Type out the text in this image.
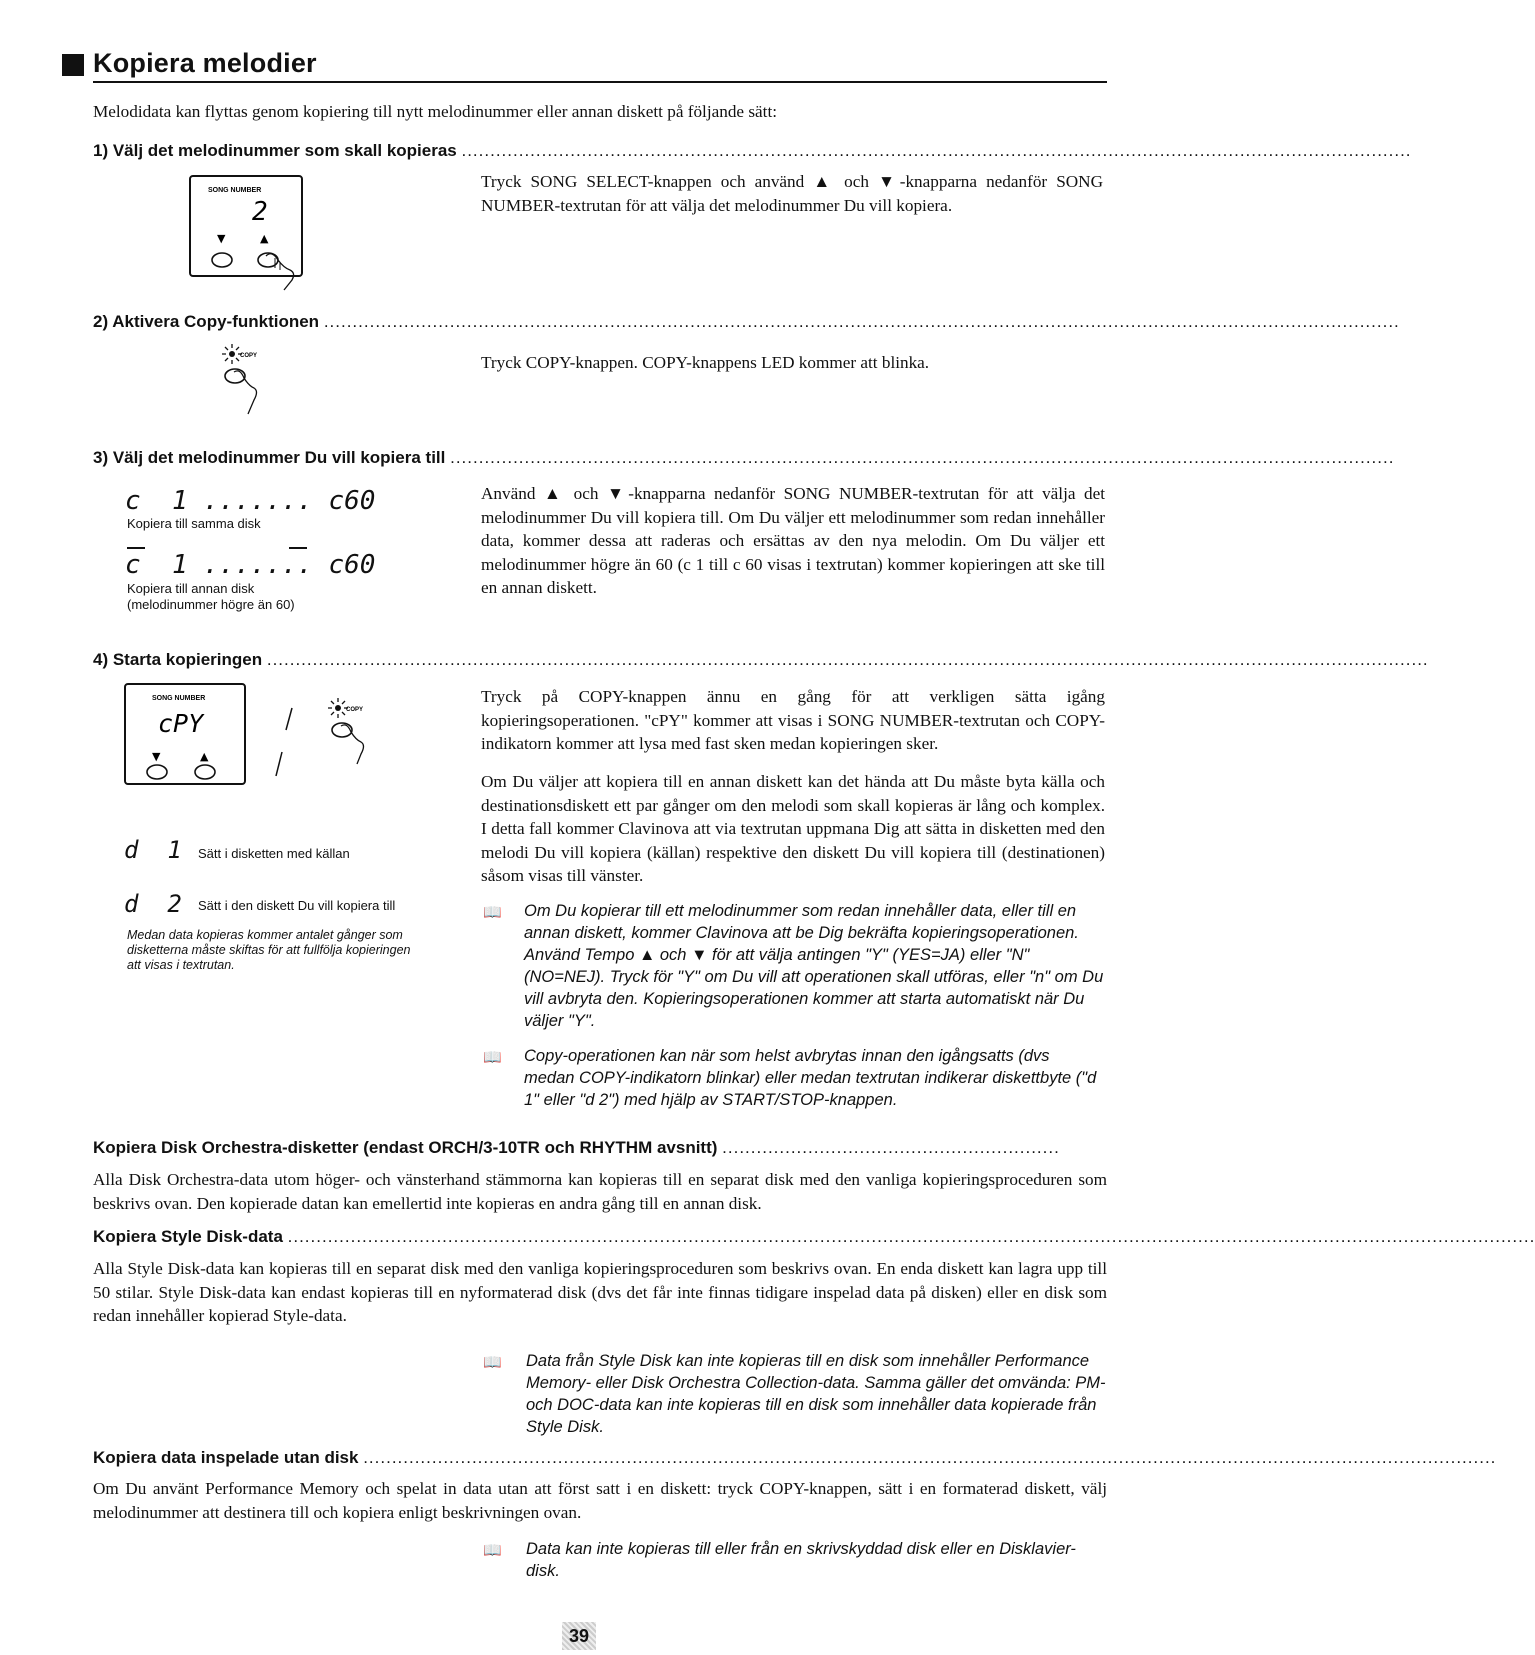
Kopiera melodier
Melodidata kan flyttas genom kopiering till nytt melodinummer eller annan diskett på följande sätt:
1) Välj det melodinummer som skall kopieras ......................................................................................................................................................................
SONG NUMBER
2
▼	▲
Tryck SONG SELECT-knappen och använd ▲ och ▼-knapparna nedanför SONG NUMBER-textrutan för att välja det melodinummer Du vill kopiera.
2) Aktivera Copy-funktionen ............................................................................................................................................................................................
COPY	Tryck COPY-knappen. COPY-knappens LED kommer att blinka.
3) Välj det melodinummer Du vill kopiera till .....................................................................................................................................................................
c  1 ....... c60
Kopiera till samma disk
c  1 ....... c60
Kopiera till annan disk
(melodinummer högre än 60)
Använd ▲ och ▼-knapparna nedanför SONG NUMBER-textrutan för att välja det melodinummer Du vill kopiera till. Om Du väljer ett melodinummer som redan innehåller data, kommer dessa att raderas och ersättas av den nya melodin. Om Du väljer ett melodinummer högre än 60 (c 1 till c 60 visas i textrutan) kommer kopieringen att ske till en annan diskett.
4) Starta kopieringen ...........................................................................................................................................................................................................
SONG NUMBER
cPY
▼	▲
COPY
d  1 Sätt i disketten med källan
d  2 Sätt i den diskett Du vill kopiera till
Medan data kopieras kommer antalet gånger som disketterna måste skiftas för att fullfölja kopieringen att visas i textrutan.
Tryck på COPY-knappen ännu en gång för att verkligen sätta igång kopieringsoperationen. "cPY" kommer att visas i SONG NUMBER-textrutan och COPY-indikatorn kommer att lysa med fast sken medan kopieringen sker.
Om Du väljer att kopiera till en annan diskett kan det hända att Du måste byta källa och destinationsdiskett ett par gånger om den melodi som skall kopieras är lång och komplex. I detta fall kommer Clavinova att via textrutan uppmana Dig att sätta in disketten med den melodi Du vill kopiera (källan) respektive den diskett Du vill kopiera till (destinationen) såsom visas till vänster.
📖 Om Du kopierar till ett melodinummer som redan innehåller data, eller till en annan diskett, kommer Clavinova att be Dig bekräfta kopieringsoperationen. Använd Tempo ▲ och ▼ för att välja antingen "Y" (YES=JA) eller "N" (NO=NEJ). Tryck för "Y" om Du vill att operationen skall utföras, eller "n" om Du vill avbryta den. Kopieringsoperationen kommer att starta automatiskt när Du väljer "Y".
📖 Copy-operationen kan när som helst avbrytas innan den igångsatts (dvs medan COPY-indikatorn blinkar) eller medan textrutan indikerar diskettbyte ("d 1" eller "d 2") med hjälp av START/STOP-knappen.
Kopiera Disk Orchestra-disketter (endast ORCH/3-10TR och RHYTHM avsnitt) ...........................................................
Alla Disk Orchestra-data utom höger- och vänsterhand stämmorna kan kopieras till en separat disk med den vanliga kopieringsproceduren som beskrivs ovan. Den kopierade datan kan emellertid inte kopieras en andra gång till en annan disk.
Kopiera Style Disk-data ..........................................................................................................................................................................................................................
Alla Style Disk-data kan kopieras till en separat disk med den vanliga kopieringsproceduren som beskrivs ovan. En enda diskett kan lagra upp till 50 stilar. Style Disk-data kan endast kopieras till en nyformaterad disk (dvs det får inte finnas tidigare inspelad data på disken) eller en disk som redan innehåller kopierad Style-data.
📖 Data från Style Disk kan inte kopieras till en disk som innehåller Performance Memory- eller Disk Orchestra Collection-data. Samma gäller det omvända: PM- och DOC-data kan inte kopieras till en disk som innehåller data kopierade från Style Disk.
Kopiera data inspelade utan disk ......................................................................................................................................................................................................
Om Du använt Performance Memory och spelat in data utan att först satt i en diskett: tryck COPY-knappen, sätt i en formaterad diskett, välj melodinummer att destinera till och kopiera enligt beskrivningen ovan.
📖 Data kan inte kopieras till eller från en skrivskyddad disk eller en Disklavier-disk.
39
